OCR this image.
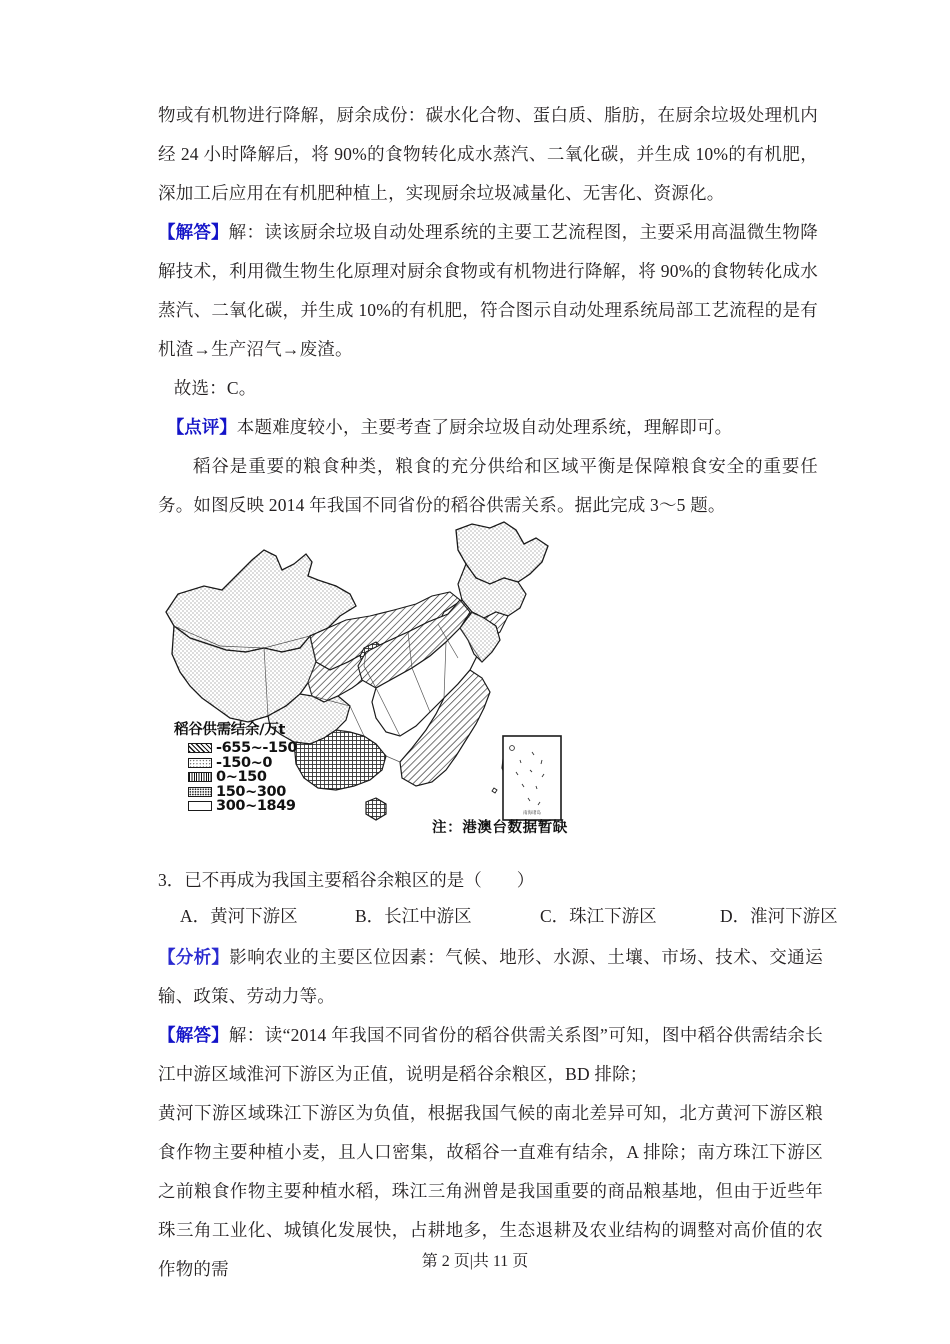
物或有机物进行降解，厨余成份：碳水化合物、蛋白质、脂肪，在厨余垃圾处理机内经 24 小时降解后，将 90%的食物转化成水蒸汽、二氧化碳，并生成 10%的有机肥，深加工后应用在有机肥种植上，实现厨余垃圾减量化、无害化、资源化。

【解答】解：读该厨余垃圾自动处理系统的主要工艺流程图，主要采用高温微生物降解技术，利用微生物生化原理对厨余食物或有机物进行降解，将 90%的食物转化成水蒸汽、二氧化碳，并生成 10%的有机肥，符合图示自动处理系统局部工艺流程的是有机渣→生产沼气→废渣。

故选：C。

【点评】本题难度较小，主要考查了厨余垃圾自动处理系统，理解即可。

稻谷是重要的粮食种类，粮食的充分供给和区域平衡是保障粮食安全的重要任务。如图反映 2014 年我国不同省份的稻谷供需关系。据此完成 3～5 题。

南海诸岛
稻谷供需结余/万t
-655~-150
-150~0
0~150
150~300
300~1849
注：港澳台数据暂缺

3．已不再成为我国主要稻谷余粮区的是（　　）

A．黄河下游区	B．长江中游区	C．珠江下游区	D．淮河下游区

【分析】影响农业的主要区位因素：气候、地形、水源、土壤、市场、技术、交通运输、政策、劳动力等。

【解答】解：读“2014 年我国不同省份的稻谷供需关系图”可知，图中稻谷供需结余长江中游区域淮河下游区为正值，说明是稻谷余粮区，BD 排除；

黄河下游区域珠江下游区为负值，根据我国气候的南北差异可知，北方黄河下游区粮食作物主要种植小麦，且人口密集，故稻谷一直难有结余，A 排除；南方珠江下游区之前粮食作物主要种植水稻，珠江三角洲曾是我国重要的商品粮基地，但由于近些年珠三角工业化、城镇化发展快，占耕地多，生态退耕及农业结构的调整对高价值的农作物的需	第 2 页|共 11 页
